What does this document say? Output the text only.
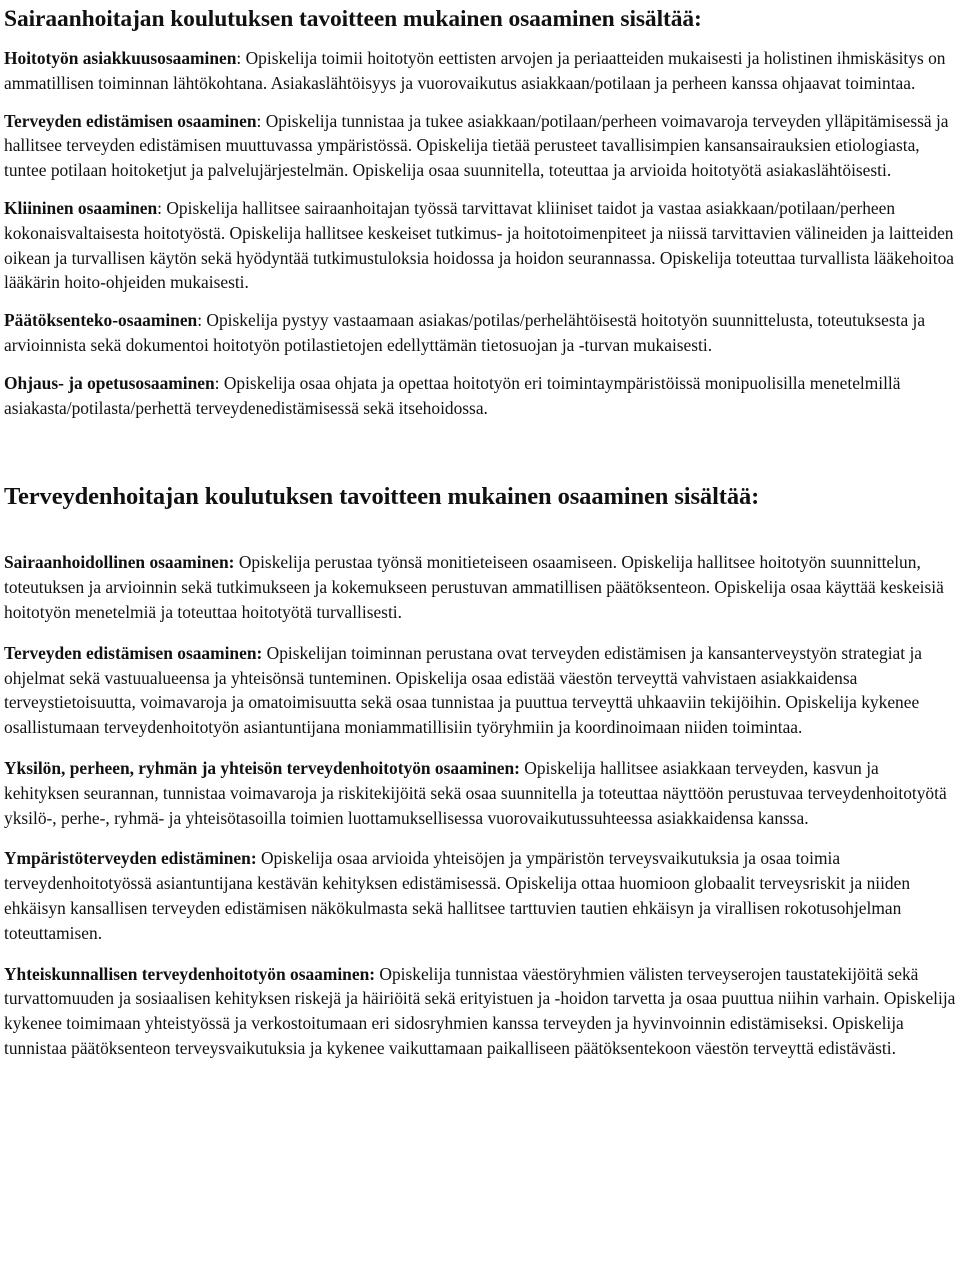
Sairaanhoitajan koulutuksen tavoitteen mukainen osaaminen sisältää:

Hoitotyön asiakkuusosaaminen: Opiskelija toimii hoitotyön eettisten arvojen ja periaatteiden mukaisesti ja holistinen ihmiskäsitys on ammatillisen toiminnan lähtökohtana. Asiakaslähtöisyys ja vuorovaikutus asiakkaan/potilaan ja perheen kanssa ohjaavat toimintaa.

Terveyden edistämisen osaaminen: Opiskelija tunnistaa ja tukee asiakkaan/potilaan/perheen voimavaroja terveyden ylläpitämisessä ja hallitsee terveyden edistämisen muuttuvassa ympäristössä. Opiskelija tietää perusteet tavallisimpien kansansairauksien etiologiasta, tuntee potilaan hoitoketjut ja palvelujärjestelmän. Opiskelija osaa suunnitella, toteuttaa ja arvioida hoitotyötä asiakaslähtöisesti.

Kliininen osaaminen: Opiskelija hallitsee sairaanhoitajan työssä tarvittavat kliiniset taidot ja vastaa asiakkaan/potilaan/perheen kokonaisvaltaisesta hoitotyöstä. Opiskelija hallitsee keskeiset tutkimus- ja hoitotoimenpiteet ja niissä tarvittavien välineiden ja laitteiden oikean ja turvallisen käytön sekä hyödyntää tutkimustuloksia hoidossa ja hoidon seurannassa. Opiskelija toteuttaa turvallista lääkehoitoa lääkärin hoito-ohjeiden mukaisesti.

Päätöksenteko-osaaminen: Opiskelija pystyy vastaamaan asiakas/potilas/perhelähtöisestä hoitotyön suunnittelusta, toteutuksesta ja arvioinnista sekä dokumentoi hoitotyön potilastietojen edellyttämän tietosuojan ja -turvan mukaisesti.

Ohjaus- ja opetusosaaminen: Opiskelija osaa ohjata ja opettaa hoitotyön eri toimintaympäristöissä monipuolisilla menetelmillä asiakasta/potilasta/perhettä terveydenedistämisessä sekä itsehoidossa.

Terveydenhoitajan koulutuksen tavoitteen mukainen osaaminen sisältää:

Sairaanhoidollinen osaaminen: Opiskelija perustaa työnsä monitieteiseen osaamiseen. Opiskelija hallitsee hoitotyön suunnittelun, toteutuksen ja arvioinnin sekä tutkimukseen ja kokemukseen perustuvan ammatillisen päätöksenteon. Opiskelija osaa käyttää keskeisiä hoitotyön menetelmiä ja toteuttaa hoitotyötä turvallisesti.

Terveyden edistämisen osaaminen: Opiskelijan toiminnan perustana ovat terveyden edistämisen ja kansanterveystyön strategiat ja ohjelmat sekä vastuualueensa ja yhteisönsä tunteminen. Opiskelija osaa edistää väestön terveyttä vahvistaen asiakkaidensa terveystietoisuutta, voimavaroja ja omatoimisuutta sekä osaa tunnistaa ja puuttua terveyttä uhkaaviin tekijöihin. Opiskelija kykenee osallistumaan terveydenhoitotyön asiantuntijana moniammatillisiin työryhmiin ja koordinoimaan niiden toimintaa.

Yksilön, perheen, ryhmän ja yhteisön terveydenhoitotyön osaaminen: Opiskelija hallitsee asiakkaan terveyden, kasvun ja kehityksen seurannan, tunnistaa voimavaroja ja riskitekijöitä sekä osaa suunnitella ja toteuttaa näyttöön perustuvaa terveydenhoitotyötä yksilö-, perhe-, ryhmä- ja yhteisötasoilla toimien luottamuksellisessa vuorovaikutussuhteessa asiakkaidensa kanssa.

Ympäristöterveyden edistäminen: Opiskelija osaa arvioida yhteisöjen ja ympäristön terveysvaikutuksia ja osaa toimia terveydenhoitotyössä asiantuntijana kestävän kehityksen edistämisessä. Opiskelija ottaa huomioon globaalit terveysriskit ja niiden ehkäisyn kansallisen terveyden edistämisen näkökulmasta sekä hallitsee tarttuvien tautien ehkäisyn ja virallisen rokotusohjelman toteuttamisen.

Yhteiskunnallisen terveydenhoitotyön osaaminen: Opiskelija tunnistaa väestöryhmien välisten terveyserojen taustatekijöitä sekä turvattomuuden ja sosiaalisen kehityksen riskejä ja häiriöitä sekä erityistuen ja -hoidon tarvetta ja osaa puuttua niihin varhain. Opiskelija kykenee toimimaan yhteistyössä ja verkostoitumaan eri sidosryhmien kanssa terveyden ja hyvinvoinnin edistämiseksi. Opiskelija tunnistaa päätöksenteon terveysvaikutuksia ja kykenee vaikuttamaan paikalliseen päätöksentekoon väestön terveyttä edistävästi.
